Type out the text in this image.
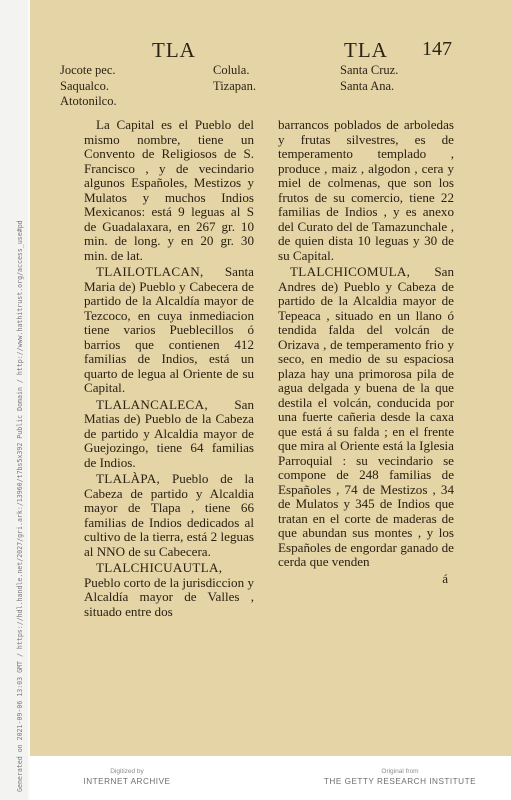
Generated on 2021-09-06 13:03 GMT / https://hdl.handle.net/2027/gri.ark:/13960/t7bs5x392 Public Domain / http://www.hathitrust.org/access_use#pd
TLA	TLA 147
Jocote pec.
Saqualco.
Atotonilco.
Colula.
Tizapan.
Santa Cruz.
Santa Ana.

La Capital es el Pueblo del mismo nombre, tiene un Convento de Religiosos de S. Francisco , y de vecindario algunos Españoles, Mestizos y Mulatos y muchos Indios Mexicanos: está 9 leguas al S de Guadalaxara, en 267 gr. 10 min. de long. y en 20 gr. 30 min. de lat.

TLAILOTLACAN, Santa Maria de) Pueblo y Cabecera de partido de la Alcaldía mayor de Tezcoco, en cuya inmediacion tiene varios Pueblecillos ó barrios que contienen 412 familias de Indios, está un quarto de legua al Oriente de su Capital.

TLALANCALECA, San Matias de) Pueblo de la Cabeza de partido y Alcaldia mayor de Guejozingo, tiene 64 familias de Indios.

TLALÀPA, Pueblo de la Cabeza de partido y Alcaldia mayor de Tlapa , tiene 66 familias de Indios dedicados al cultivo de la tierra, está 2 leguas al NNO de su Cabecera.

TLALCHICUAUTLA, Pueblo corto de la jurisdiccion y Alcaldía mayor de Valles , situado entre dos

barrancos poblados de arboledas y frutas silvestres, es de temperamento templado , produce , maiz , algodon , cera y miel de colmenas, que son los frutos de su comercio, tiene 22 familias de Indios , y es anexo del Curato del de Tamazunchale , de quien dista 10 leguas y 30 de su Capital.

TLALCHICOMULA, San Andres de) Pueblo y Cabeza de partido de la Alcaldia mayor de Tepeaca , situado en un llano ó tendida falda del volcán de Orizava , de temperamento frio y seco, en medio de su espaciosa plaza hay una primorosa pila de agua delgada y buena de la que destila el volcán, conducida por una fuerte cañeria desde la caxa que está á su falda ; en el frente que mira al Oriente está la Iglesia Parroquial : su vecindario se compone de 248 familias de Españoles , 74 de Mestizos , 34 de Mulatos y 345 de Indios que tratan en el corte de maderas de que abundan sus montes , y los Españoles de engordar ganado de cerda que venden

á
Digitized by
INTERNET ARCHIVE
Original from
THE GETTY RESEARCH INSTITUTE
